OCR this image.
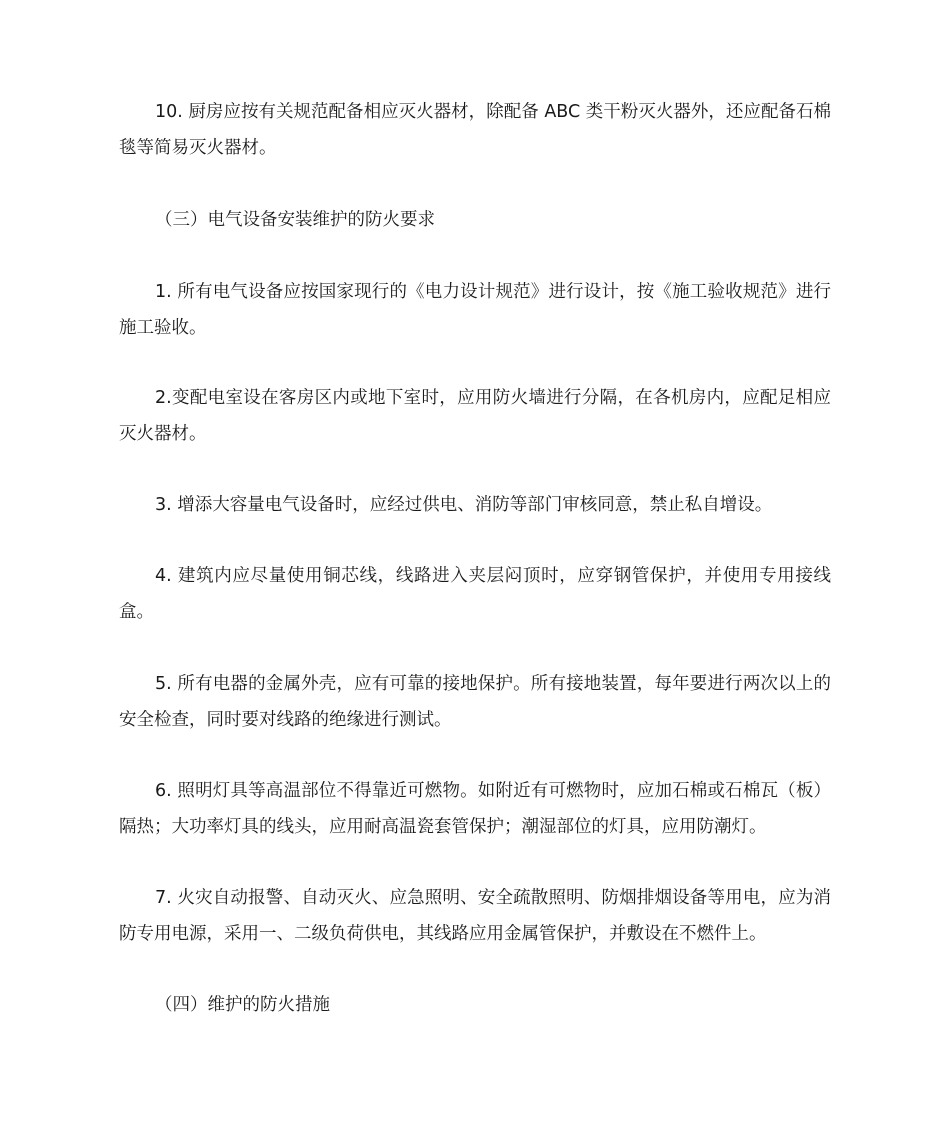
10. 厨房应按有关规范配备相应灭火器材，除配备 ABC 类干粉灭火器外，还应配备石棉毯等简易灭火器材。

（三）电气设备安装维护的防火要求

1. 所有电气设备应按国家现行的《电力设计规范》进行设计，按《施工验收规范》进行施工验收。

2.变配电室设在客房区内或地下室时，应用防火墙进行分隔，在各机房内，应配足相应灭火器材。

3. 增添大容量电气设备时，应经过供电、消防等部门审核同意，禁止私自增设。

4. 建筑内应尽量使用铜芯线，线路进入夹层闷顶时，应穿钢管保护，并使用专用接线盒。

5. 所有电器的金属外壳，应有可靠的接地保护。所有接地装置，每年要进行两次以上的安全检查，同时要对线路的绝缘进行测试。

6. 照明灯具等高温部位不得靠近可燃物。如附近有可燃物时，应加石棉或石棉瓦（板）隔热；大功率灯具的线头，应用耐高温瓷套管保护；潮湿部位的灯具，应用防潮灯。

7. 火灾自动报警、自动灭火、应急照明、安全疏散照明、防烟排烟设备等用电，应为消防专用电源，采用一、二级负荷供电，其线路应用金属管保护，并敷设在不燃件上。

（四）维护的防火措施
